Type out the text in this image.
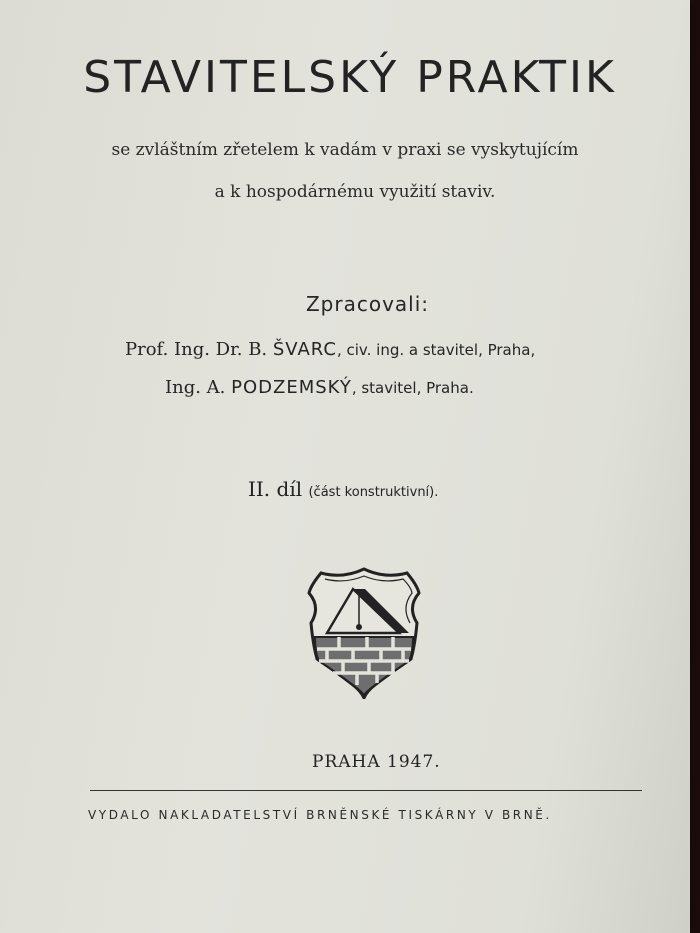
STAVITELSKÝ PRAKTIK
se zvláštním zřetelem k vadám v praxi se vyskytujícím
a k hospodárnému využití staviv.
Zpracovali:
Prof. Ing. Dr. B. ŠVARC, civ. ing. a stavitel, Praha,
Ing. A. PODZEMSKÝ, stavitel, Praha.
II. díl (část konstruktivní).
PRAHA 1947.
VYDALO NAKLADATELSTVÍ BRNĚNSKÉ TISKÁRNY V BRNĚ.
